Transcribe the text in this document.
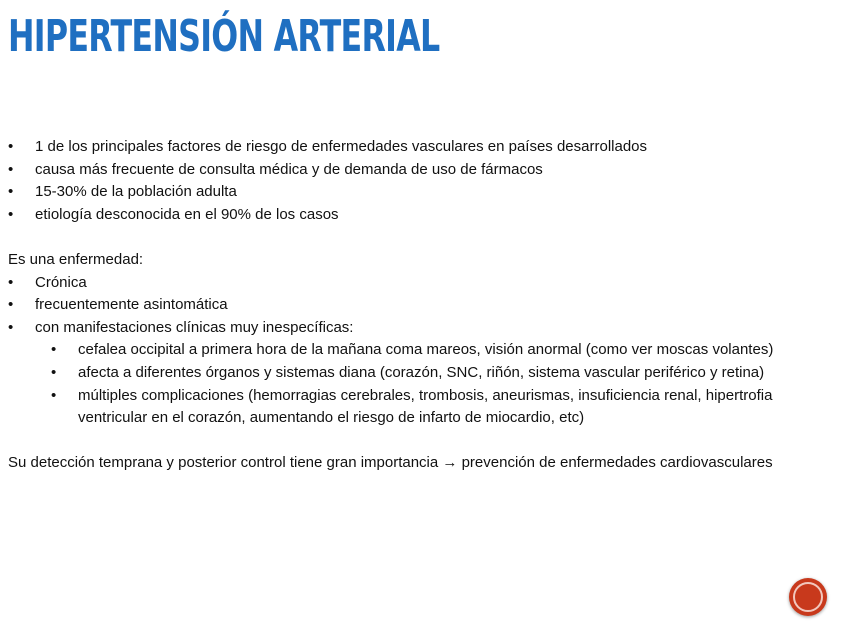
HIPERTENSIÓN ARTERIAL
• 1 de los principales factores de riesgo de enfermedades vasculares en países desarrollados
• causa más frecuente de consulta médica y de demanda de uso de fármacos
• 15-30% de la población adulta
• etiología desconocida en el 90% de los casos

Es una enfermedad:

• Crónica
• frecuentemente asintomática
• con manifestaciones clínicas muy inespecíficas:
• cefalea occipital a primera hora de la mañana coma mareos, visión anormal (como ver moscas volantes)
• afecta a diferentes órganos y sistemas diana (corazón, SNC, riñón, sistema vascular periférico y retina)
• múltiples complicaciones (hemorragias cerebrales, trombosis, aneurismas, insuficiencia renal, hipertrofia ventricular en el corazón, aumentando el riesgo de infarto de miocardio, etc)

Su detección temprana y posterior control tiene gran importancia → prevención de enfermedades cardiovasculares
